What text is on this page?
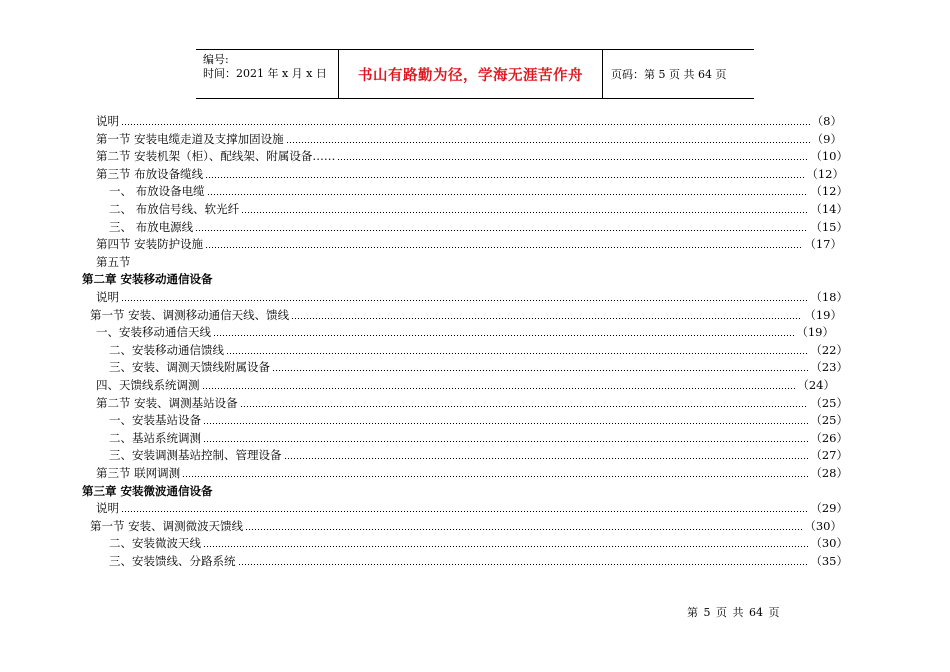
编号:
时间：2021 年 x 月 x 日	书山有路勤为径，学海无涯苦作舟	页码：第 5 页 共 64 页
说明	（8）
第一节 安装电缆走道及支撑加固设施	（9）
第二节 安装机架（柜）、配线架、附属设备……	（10）
第三节 布放设备缆线	（12）
一、 布放设备电缆	（12）
二、 布放信号线、软光纤	（14）
三、 布放电源线	（15）
第四节 安装防护设施	（17）
第五节
第二章 安装移动通信设备
说明	（18）
第一节 安装、调测移动通信天线、馈线	（19）
一、安装移动通信天线	（19）
二、安装移动通信馈线	（22）
三、安装、调测天馈线附属设备	（23）
四、天馈线系统调测	（24）
第二节 安装、调测基站设备	（25）
一、安装基站设备	（25）
二、基站系统调测	（26）
三、安装调测基站控制、管理设备	（27）
第三节 联网调测	（28）
第三章 安装微波通信设备
说明	（29）
第一节 安装、调测微波天馈线	（30）
二、安装微波天线	（30）
三、安装馈线、分路系统	（35）
第 5 页 共 64 页
